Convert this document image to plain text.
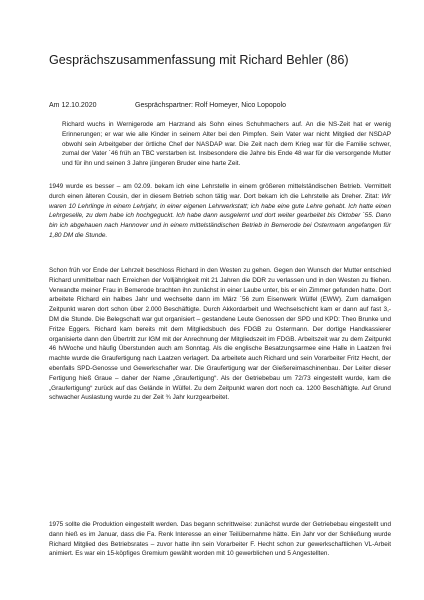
Gesprächszusammenfassung mit Richard Behler (86)
Am 12.10.2020	Gesprächspartner: Rolf Homeyer, Nico Lopopolo
Richard wuchs in Wernigerode am Harzrand als Sohn eines Schuhmachers auf. An die NS-Zeit hat er wenig Erinnerungen; er war wie alle Kinder in seinem Alter bei den Pimpfen. Sein Vater war nicht Mitglied der NSDAP obwohl sein Arbeitgeber der örtliche Chef der NASDAP war. Die Zeit nach dem Krieg war für die Familie schwer, zumal der Vater ´46 früh an TBC verstarben ist. Insbesondere die Jahre bis Ende 48 war für die versorgende Mutter und für ihn und seinen 3 Jahre jüngeren Bruder eine harte Zeit.
1949 wurde es besser – am 02.09. bekam ich eine Lehrstelle in einem größeren mittelständischen Betrieb. Vermittelt durch einen älteren Cousin, der in diesem Betrieb schon tätig war. Dort bekam ich die Lehrstelle als Dreher. Zitat: Wir waren 10 Lehrlinge in einem Lehrjahr, in einer eigenen Lehrwerkstatt; ich habe eine gute Lehre gehabt. Ich hatte einen Lehrgeselle, zu dem habe ich hochgeguckt. Ich habe dann ausgelernt und dort weiter gearbeitet bis Oktober ´55. Dann bin ich abgehauen nach Hannover und in einem mittelständischen Betrieb in Bemerode bei Ostermann angefangen für 1,80 DM die Stunde.
Schon früh vor Ende der Lehrzeit beschloss Richard in den Westen zu gehen. Gegen den Wunsch der Mutter entschied Richard unmittelbar nach Erreichen der Volljährigkeit mit 21 Jahren die DDR zu verlassen und in den Westen zu fliehen. Verwandte meiner Frau in Bemerode brachten ihn zunächst in einer Laube unter, bis er ein Zimmer gefunden hatte. Dort arbeitete Richard ein halbes Jahr und wechselte dann im März ´56 zum Eisenwerk Wülfel (EWW). Zum damaligen Zeitpunkt waren dort schon über 2.000 Beschäftigte. Durch Akkordarbeit und Wechselschicht kam er dann auf fast 3,- DM die Stunde. Die Belegschaft war gut organisiert – gestandene Leute Genossen der SPD und KPD: Theo Brunke und Fritze Eggers. Richard kam bereits mit dem Mitgliedsbuch des FDGB zu Ostermann. Der dortige Handkassierer organisierte dann den Übertritt zur IGM mit der Anrechnung der Mitgliedszeit im FDGB. Arbeitszeit war zu dem Zeitpunkt 46 h/Woche und häufig Überstunden auch am Sonntag. Als die englische Besatzungsarmee eine Halle in Laatzen frei machte wurde die Graufertigung nach Laatzen verlagert. Da arbeitete auch Richard und sein Vorarbeiter Fritz Hecht, der ebenfalls SPD-Genosse und Gewerkschafter war. Die Graufertigung war der Gießereimaschinenbau. Der Leiter dieser Fertigung hieß Graue – daher der Name „Graufertigung“. Als der Getriebebau um 72/73 eingestellt wurde, kam die „Graufertigung“ zurück auf das Gelände in Wülfel. Zu dem Zeitpunkt waren dort noch ca. 1200 Beschäftigte. Auf Grund schwacher Auslastung wurde zu der Zeit ¾ Jahr kurzgearbeitet.
1975 sollte die Produktion eingestellt werden. Das begann schrittweise: zunächst wurde der Getriebebau eingestellt und dann hieß es im Januar, dass die Fa. Renk Interesse an einer Teilübernahme hätte. Ein Jahr vor der Schließung wurde Richard Mitglied des Betriebsrates – zuvor hatte ihn sein Vorarbeiter F. Hecht schon zur gewerkschaftlichen VL-Arbeit animiert. Es war ein 15-köpfiges Gremium gewählt worden mit 10 gewerblichen und 5 Angestellten.
